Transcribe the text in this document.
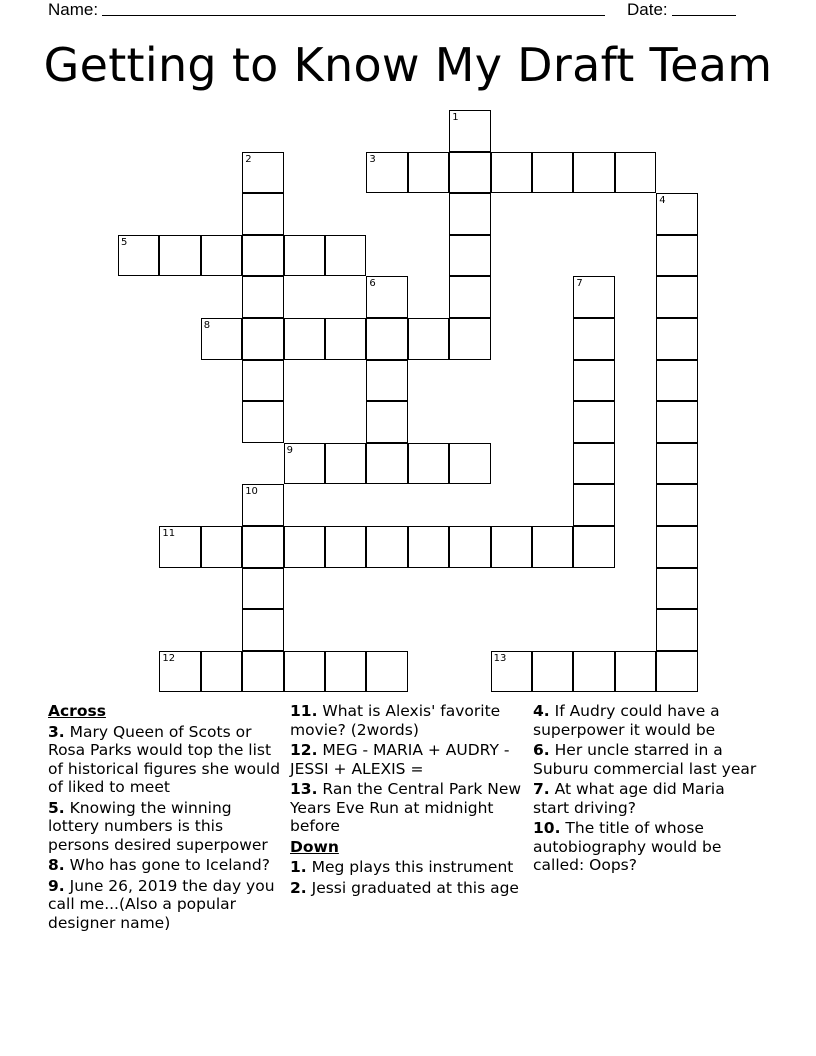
Name:	Date:
Getting to Know My Draft Team
1
2	3
4
5
6	7
8
9
10
11
12	13
Across
3. Mary Queen of Scots or Rosa Parks would top the list of historical figures she would of liked to meet
5. Knowing the winning lottery numbers is this persons desired superpower
8. Who has gone to Iceland?
9. June 26, 2019 the day you call me...(Also a popular designer name)
11. What is Alexis' favorite movie? (2words)
12. MEG - MARIA + AUDRY - JESSI + ALEXIS =
13. Ran the Central Park New Years Eve Run at midnight before
Down
1. Meg plays this instrument
2. Jessi graduated at this age
4. If Audry could have a superpower it would be
6. Her uncle starred in a Suburu commercial last year
7. At what age did Maria start driving?
10. The title of whose autobiography would be called: Oops?
